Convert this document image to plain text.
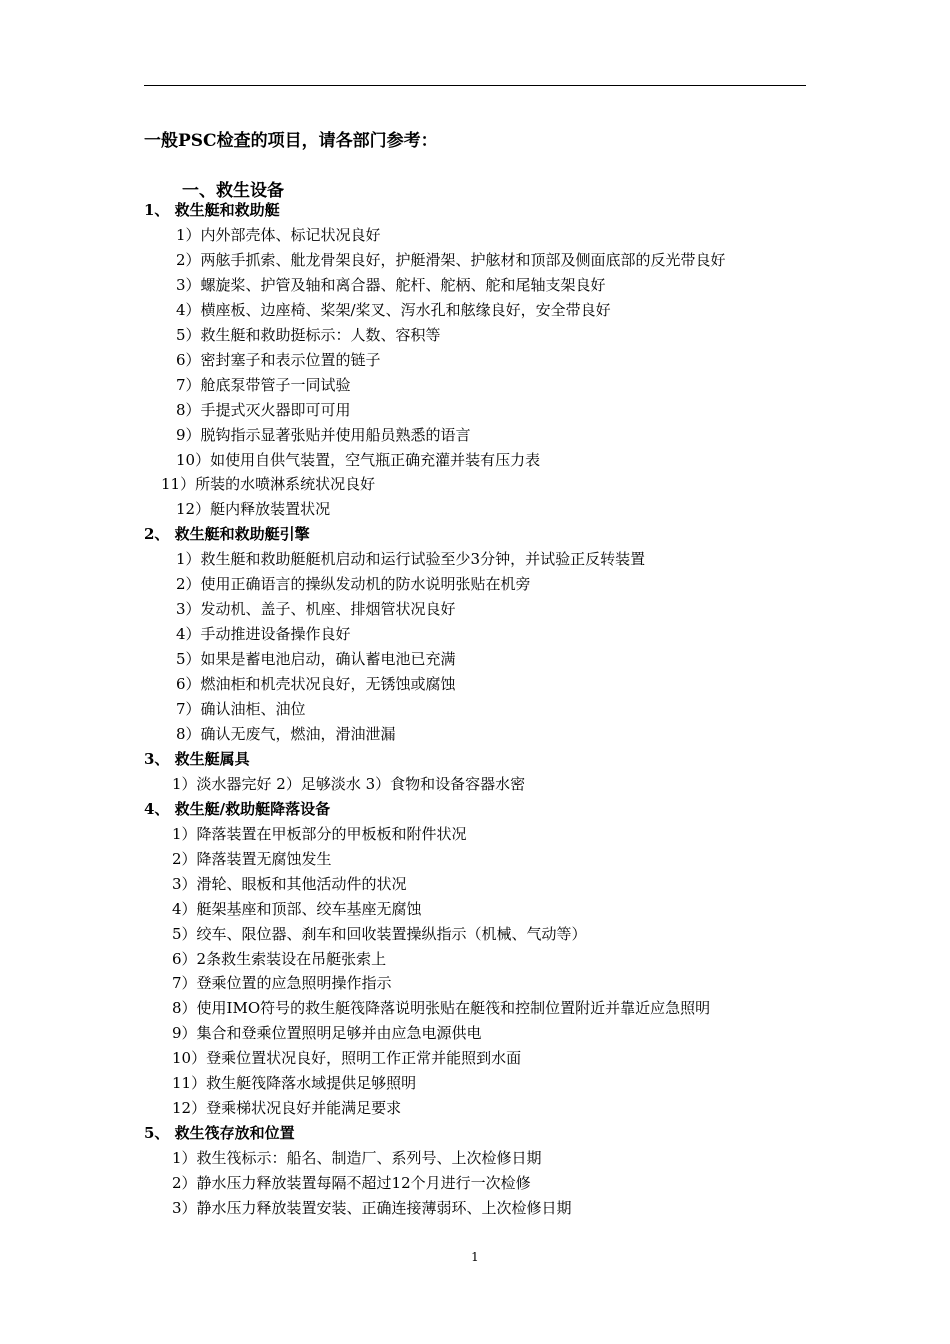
一般PSC检查的项目，请各部门参考：
一、救生设备
1、 救生艇和救助艇
1）内外部壳体、标记状况良好
2）两舷手抓索、舭龙骨架良好，护艇滑架、护舷材和顶部及侧面底部的反光带良好
3）螺旋桨、护管及轴和离合器、舵杆、舵柄、舵和尾轴支架良好
4）横座板、边座椅、桨架/桨叉、泻水孔和舷缘良好，安全带良好
5）救生艇和救助挺标示：人数、容积等
6）密封塞子和表示位置的链子
7）舱底泵带管子一同试验
8）手提式灭火器即可可用
9）脱钩指示显著张贴并使用船员熟悉的语言
10）如使用自供气装置，空气瓶正确充灌并装有压力表
11）所装的水喷淋系统状况良好
12）艇内释放装置状况
2、 救生艇和救助艇引擎
1）救生艇和救助艇艇机启动和运行试验至少3分钟，并试验正反转装置
2）使用正确语言的操纵发动机的防水说明张贴在机旁
3）发动机、盖子、机座、排烟管状况良好
4）手动推进设备操作良好
5）如果是蓄电池启动，确认蓄电池已充满
6）燃油柜和机壳状况良好，无锈蚀或腐蚀
7）确认油柜、油位
8）确认无废气，燃油，滑油泄漏
3、 救生艇属具
1）淡水器完好 2）足够淡水 3）食物和设备容器水密
4、 救生艇/救助艇降落设备
1）降落装置在甲板部分的甲板板和附件状况
2）降落装置无腐蚀发生
3）滑轮、眼板和其他活动件的状况
4）艇架基座和顶部、绞车基座无腐蚀
5）绞车、限位器、刹车和回收装置操纵指示（机械、气动等）
6）2条救生索装设在吊艇张索上
7）登乘位置的应急照明操作指示
8）使用IMO符号的救生艇筏降落说明张贴在艇筏和控制位置附近并靠近应急照明
9）集合和登乘位置照明足够并由应急电源供电
10）登乘位置状况良好，照明工作正常并能照到水面
11）救生艇筏降落水域提供足够照明
12）登乘梯状况良好并能满足要求
5、 救生筏存放和位置
1）救生筏标示：船名、制造厂、系列号、上次检修日期
2）静水压力释放装置每隔不超过12个月进行一次检修
3）静水压力释放装置安装、正确连接薄弱环、上次检修日期
1
